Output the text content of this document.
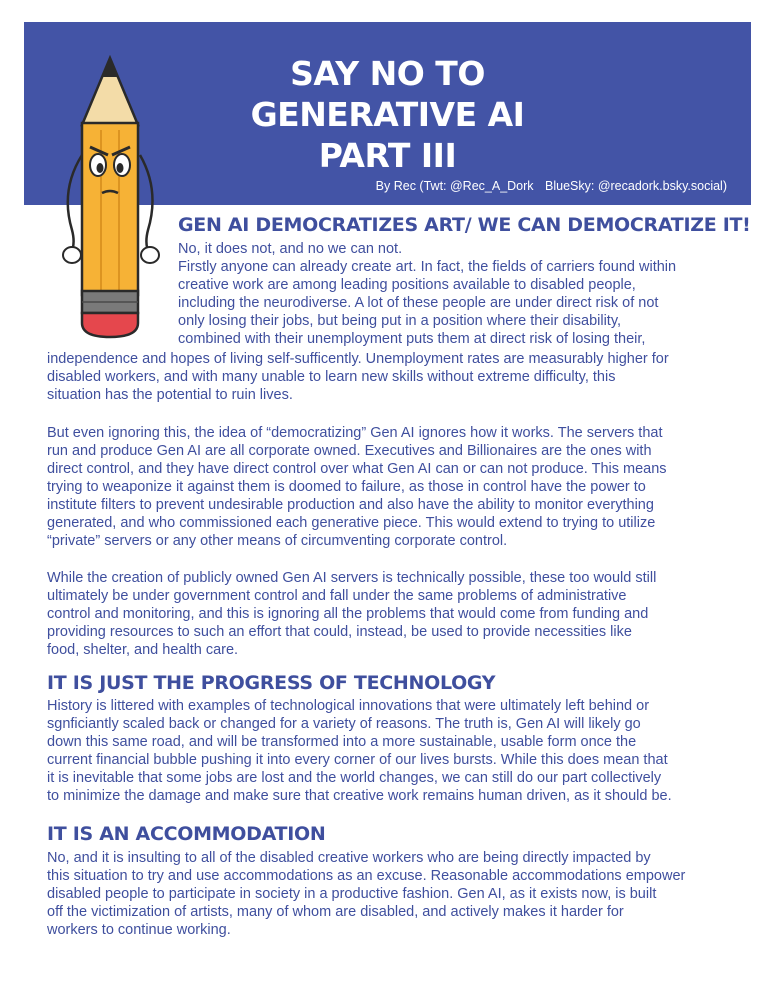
SAY NO TO
GENERATIVE AI
PART III
By Rec (Twt: @Rec_A_Dork BlueSky: @recadork.bsky.social)
GEN AI DEMOCRATIZES ART/ WE CAN DEMOCRATIZE IT!
No, it does not, and no we can not.
Firstly anyone can already create art. In fact, the fields of carriers found within
creative work are among leading positions available to disabled people,
including the neurodiverse. A lot of these people are under direct risk of not
only losing their jobs, but being put in a position where their disability,
combined with their unemployment puts them at direct risk of losing their,
independence and hopes of living self-sufficently. Unemployment rates are measurably higher for
disabled workers, and with many unable to learn new skills without extreme difficulty, this
situation has the potential to ruin lives.
But even ignoring this, the idea of “democratizing” Gen AI ignores how it works. The servers that
run and produce Gen AI are all corporate owned. Executives and Billionaires are the ones with
direct control, and they have direct control over what Gen AI can or can not produce. This means
trying to weaponize it against them is doomed to failure, as those in control have the power to
institute filters to prevent undesirable production and also have the ability to monitor everything
generated, and who commissioned each generative piece. This would extend to trying to utilize
“private” servers or any other means of circumventing corporate control.
While the creation of publicly owned Gen AI servers is technically possible, these too would still
ultimately be under government control and fall under the same problems of administrative
control and monitoring, and this is ignoring all the problems that would come from funding and
providing resources to such an effort that could, instead, be used to provide necessities like
food, shelter, and health care.
IT IS JUST THE PROGRESS OF TECHNOLOGY
History is littered with examples of technological innovations that were ultimately left behind or
sgnficiantly scaled back or changed for a variety of reasons. The truth is, Gen AI will likely go
down this same road, and will be transformed into a more sustainable, usable form once the
current financial bubble pushing it into every corner of our lives bursts. While this does mean that
it is inevitable that some jobs are lost and the world changes, we can still do our part collectively
to minimize the damage and make sure that creative work remains human driven, as it should be.
IT IS AN ACCOMMODATION
No, and it is insulting to all of the disabled creative workers who are being directly impacted by
this situation to try and use accommodations as an excuse. Reasonable accommodations empower
disabled people to participate in society in a productive fashion. Gen AI, as it exists now, is built
off the victimization of artists, many of whom are disabled, and actively makes it harder for
workers to continue working.
